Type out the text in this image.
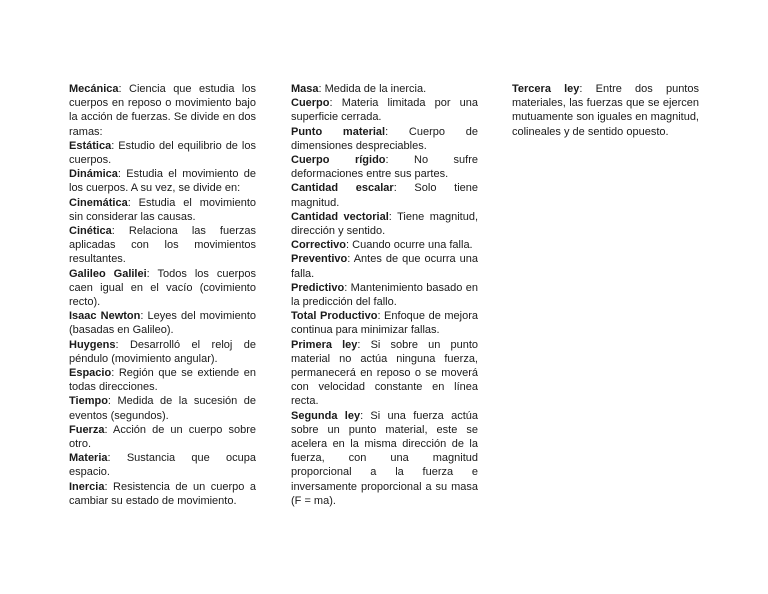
Mecánica: Ciencia que estudia los cuerpos en reposo o movimiento bajo la acción de fuerzas. Se divide en dos ramas:

Estática: Estudio del equilibrio de los cuerpos.

Dinámica: Estudia el movimiento de los cuerpos. A su vez, se divide en:

Cinemática: Estudia el movimiento sin considerar las causas.

Cinética: Relaciona las fuerzas aplicadas con los movimientos resultantes.

Galileo Galilei: Todos los cuerpos caen igual en el vacío (covimiento recto).

Isaac Newton: Leyes del movimiento (basadas en Galileo).

Huygens: Desarrolló el reloj de péndulo (movimiento angular).

Espacio: Región que se extiende en todas direcciones.

Tiempo: Medida de la sucesión de eventos (segundos).

Fuerza: Acción de un cuerpo sobre otro.

Materia: Sustancia que ocupa espacio.

Inercia: Resistencia de un cuerpo a cambiar su estado de movimiento.

Masa: Medida de la inercia.

Cuerpo: Materia limitada por una superficie cerrada.

Punto material: Cuerpo de dimensiones despreciables.

Cuerpo rígido: No sufre deformaciones entre sus partes.

Cantidad escalar: Solo tiene magnitud.

Cantidad vectorial: Tiene magnitud, dirección y sentido.

Correctivo: Cuando ocurre una falla.

Preventivo: Antes de que ocurra una falla.

Predictivo: Mantenimiento basado en la predicción del fallo.

Total Productivo: Enfoque de mejora continua para minimizar fallas.

Primera ley: Si sobre un punto material no actúa ninguna fuerza, permanecerá en reposo o se moverá con velocidad constante en línea recta.

Segunda ley: Si una fuerza actúa sobre un punto material, este se acelera en la misma dirección de la fuerza, con una magnitud proporcional a la fuerza e inversamente proporcional a su masa (F = ma).

Tercera ley: Entre dos puntos materiales, las fuerzas que se ejercen mutuamente son iguales en magnitud, colineales y de sentido opuesto.
